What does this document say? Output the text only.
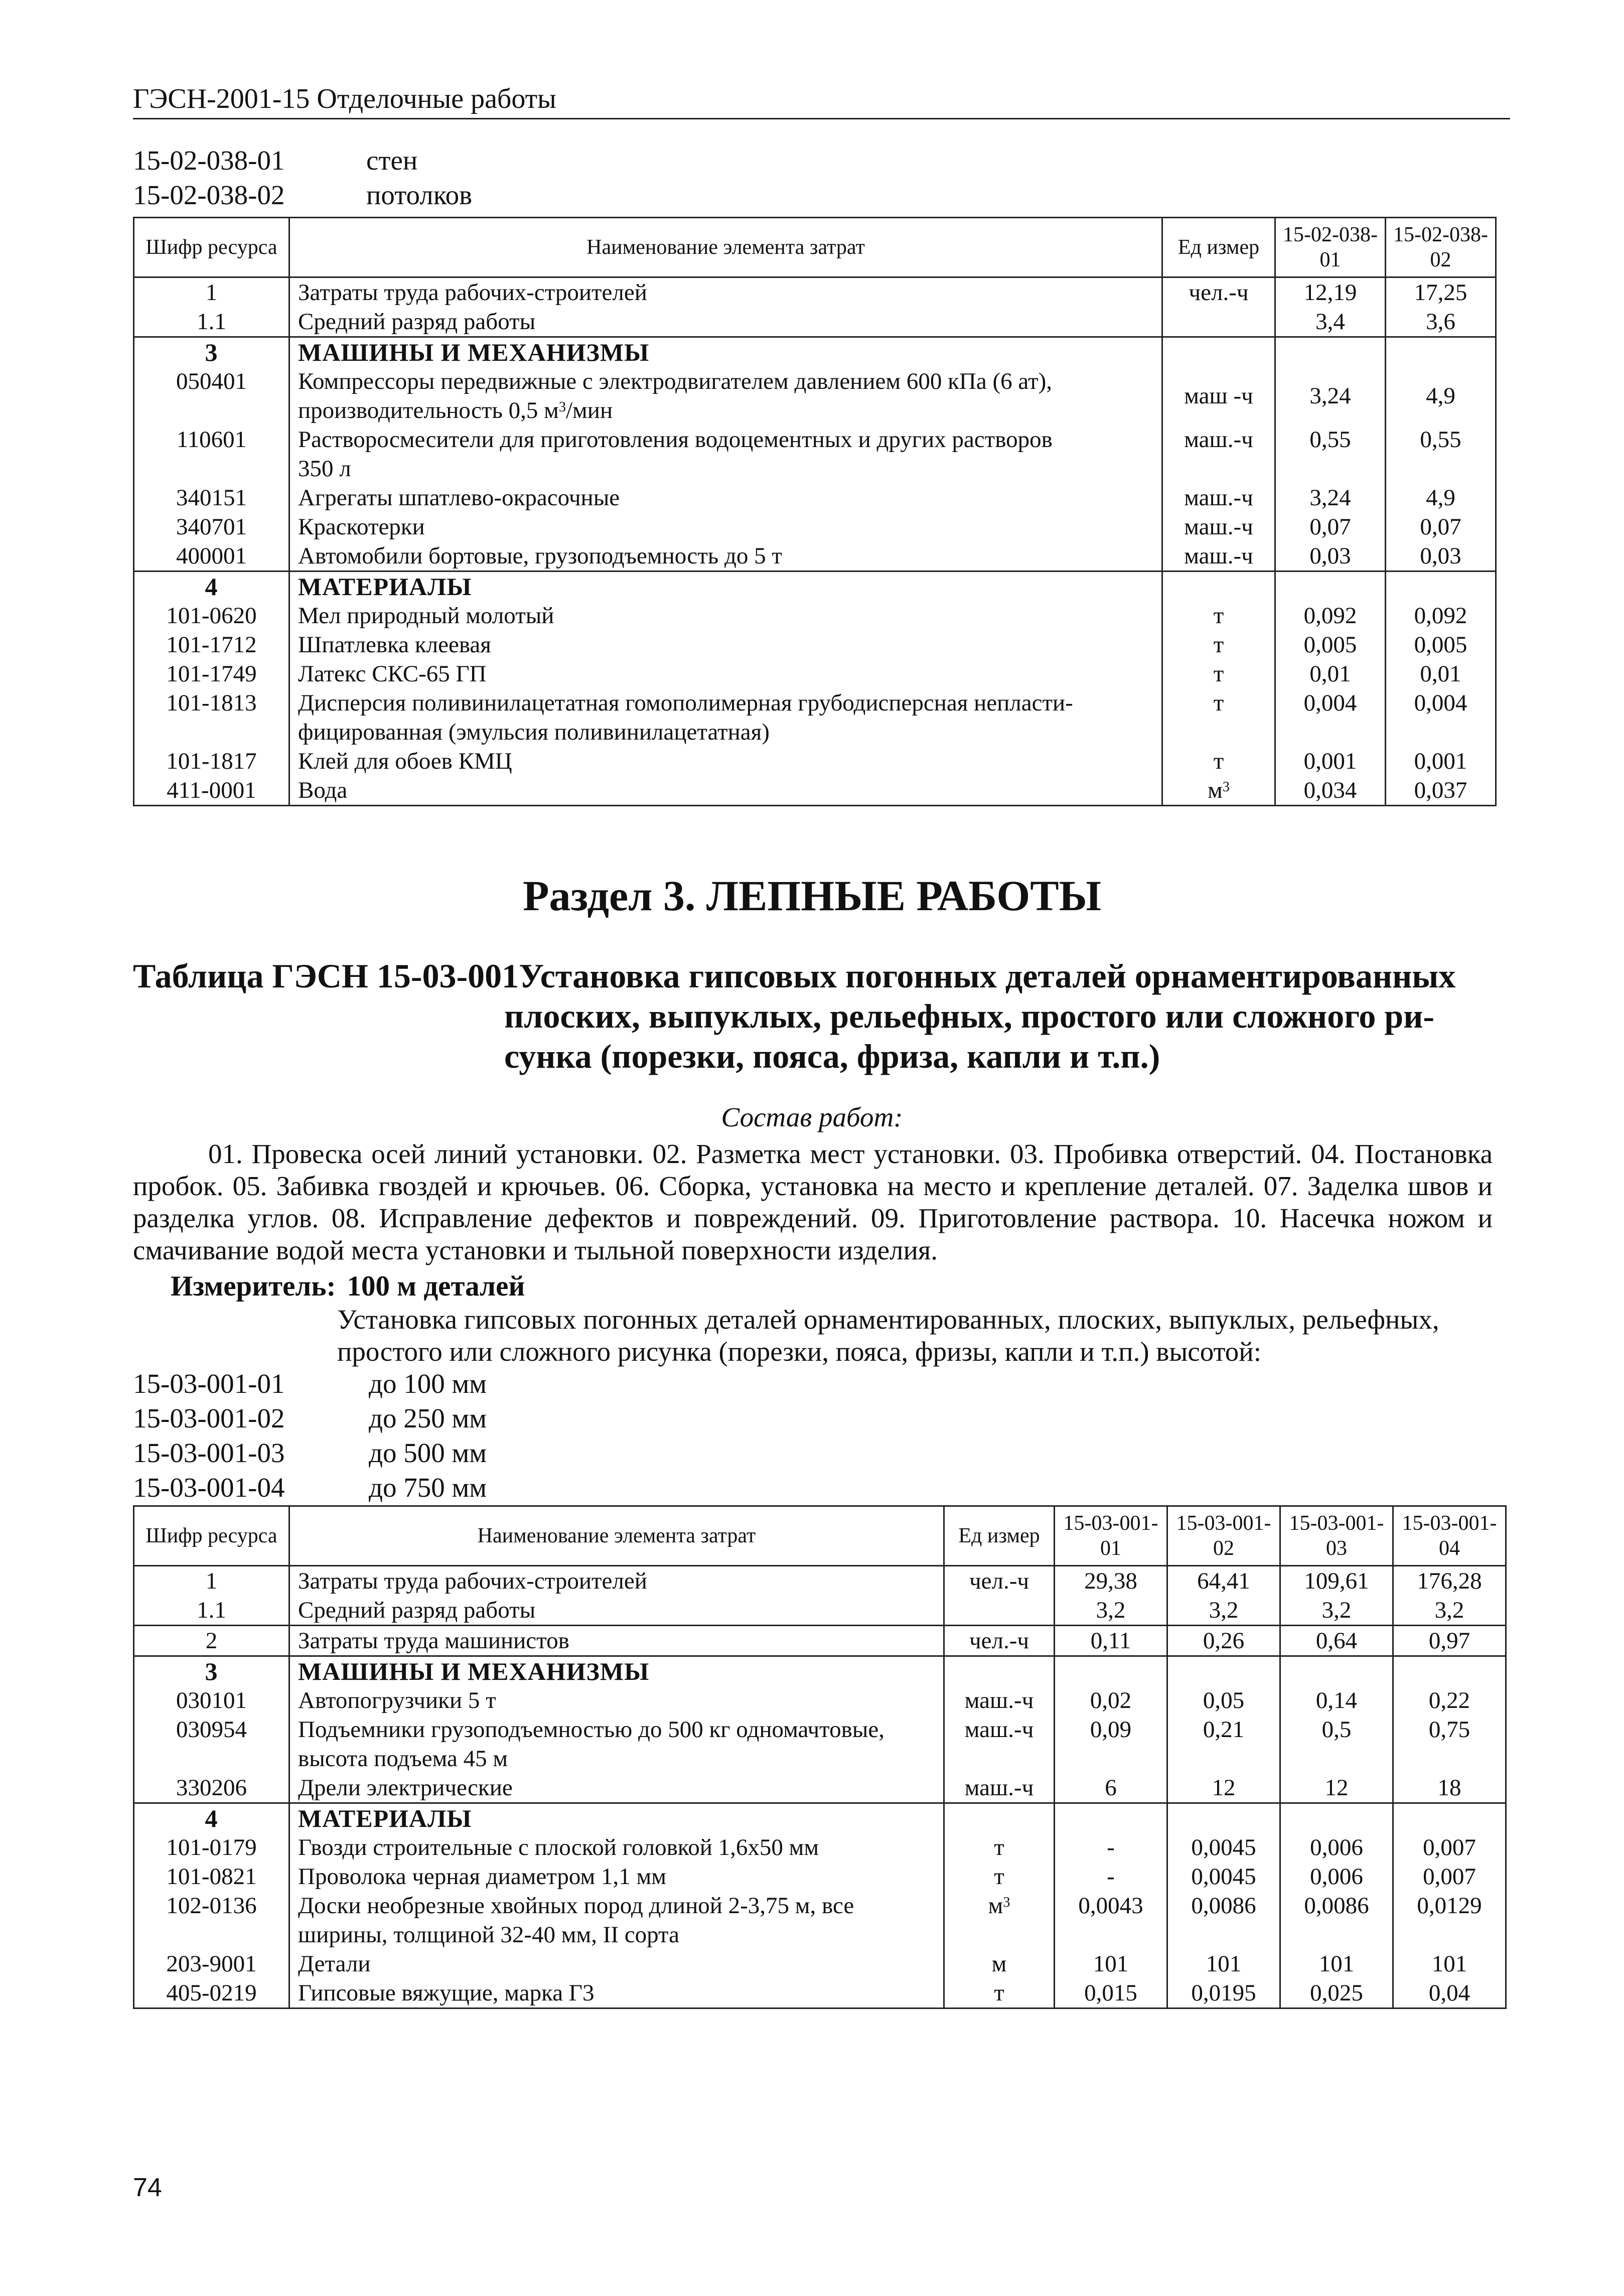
ГЭСН-2001-15 Отделочные работы
15-02-038-01	стен
15-02-038-02	потолков
Шифр ресурса	Наименование элемента затрат	Ед измер	15-02-038-01	15-02-038-02
1	Затраты труда рабочих-строителей	чел.-ч	12,19	17,25
1.1	Средний разряд работы		3,4	3,6
3	МАШИНЫ И МЕХАНИЗМЫ			
050401	Компрессоры передвижные с электродвигателем давлением 600 кПа (6 ат),
производительность 0,5 $м^3$/мин	маш -ч	3,24	4,9
110601	Растворосмесители для приготовления водоцементных и других растворов
350 л	маш.-ч	0,55	0,55
340151	Агрегаты шпатлево-окрасочные	маш.-ч	3,24	4,9
340701	Краскотерки	маш.-ч	0,07	0,07
400001	Автомобили бортовые, грузоподъемность до 5 т	маш.-ч	0,03	0,03
4	МАТЕРИАЛЫ			
101-0620	Мел природный молотый	т	0,092	0,092
101-1712	Шпатлевка клеевая	т	0,005	0,005
101-1749	Латекс СКС-65 ГП	т	0,01	0,01
101-1813	Дисперсия поливинилацетатная гомополимерная грубодисперсная непласти-
фицированная (эмульсия поливинилацетатная)	т	0,004	0,004
101-1817	Клей для обоев КМЦ	т	0,001	0,001
411-0001	Вода	$м^3$	0,034	0,037
Раздел 3. ЛЕПНЫЕ РАБОТЫ
Таблица ГЭСН 15-03-001 Установка гипсовых погонных деталей орнаментированных
плоских, выпуклых, рельефных, простого или сложного ри-
сунка (порезки, пояса, фриза, капли и т.п.)
Состав работ:
01. Провеска осей линий установки. 02. Разметка мест установки. 03. Пробивка отверстий. 04. Постановка пробок. 05. Забивка гвоздей и крючьев. 06. Сборка, установка на место и крепление деталей. 07. Заделка швов и разделка углов. 08. Исправление дефектов и повреждений. 09. Приготовление раствора. 10. Насечка ножом и смачивание водой места установки и тыльной поверхности изделия.
Измеритель: 100 м деталей
Установка гипсовых погонных деталей орнаментированных, плоских, выпуклых, рельефных, простого или сложного рисунка (порезки, пояса, фризы, капли и т.п.) высотой:
15-03-001-01	до 100 мм
15-03-001-02	до 250 мм
15-03-001-03	до 500 мм
15-03-001-04	до 750 мм
Шифр ресурса	Наименование элемента затрат	Ед измер	15-03-001-01	15-03-001-02	15-03-001-03	15-03-001-04
1	Затраты труда рабочих-строителей	чел.-ч	29,38	64,41	109,61	176,28
1.1	Средний разряд работы		3,2	3,2	3,2	3,2
2	Затраты труда машинистов	чел.-ч	0,11	0,26	0,64	0,97
3	МАШИНЫ И МЕХАНИЗМЫ					
030101	Автопогрузчики 5 т	маш.-ч	0,02	0,05	0,14	0,22
030954	Подъемники грузоподъемностью до 500 кг одномачтовые,
высота подъема 45 м	маш.-ч	0,09	0,21	0,5	0,75
330206	Дрели электрические	маш.-ч	6	12	12	18
4	МАТЕРИАЛЫ					
101-0179	Гвозди строительные с плоской головкой 1,6х50 мм	т	-	0,0045	0,006	0,007
101-0821	Проволока черная диаметром 1,1 мм	т	-	0,0045	0,006	0,007
102-0136	Доски необрезные хвойных пород длиной 2-3,75 м, все
ширины, толщиной 32-40 мм, II сорта	$м^3$	0,0043	0,0086	0,0086	0,0129
203-9001	Детали	м	101	101	101	101
405-0219	Гипсовые вяжущие, марка Г3	т	0,015	0,0195	0,025	0,04
74
